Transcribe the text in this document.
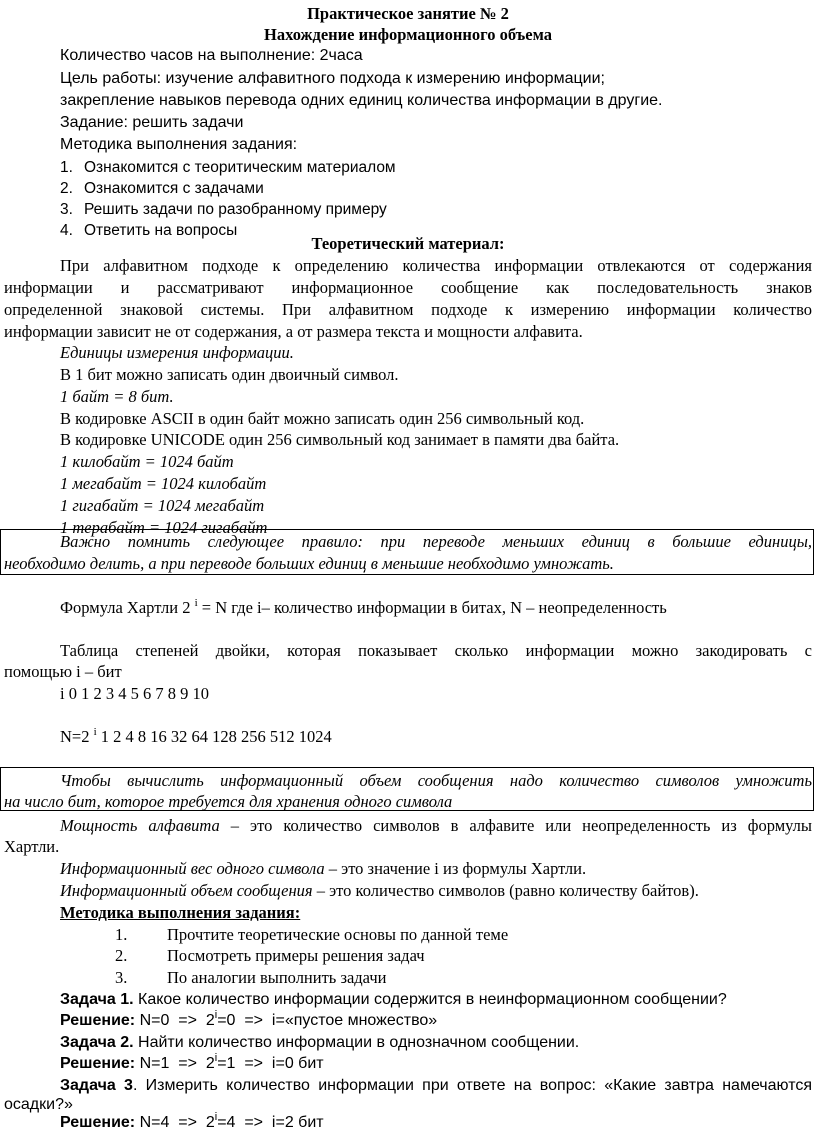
Практическое занятие № 2
Нахождение информационного объема
Количество часов на выполнение: 2часа
Цель работы: изучение алфавитного подхода к измерению информации;
закрепление навыков перевода одних единиц количества информации в другие.
Задание: решить задачи
Методика выполнения задания:
1. Ознакомится с теоритическим материалом
2. Ознакомится с задачами
3. Решить задачи по разобранному примеру
4. Ответить на вопросы
Теоретический материал:
При алфавитном подходе к определению количества информации отвлекаются от содержания
информации и рассматривают информационное сообщение как последовательность знаков
определенной знаковой системы. При алфавитном подходе к измерению информации количество
информации зависит не от содержания, а от размера текста и мощности алфавита.
Единицы измерения информации.
В 1 бит можно записать один двоичный символ.
1 байт = 8 бит.
В кодировке ASCII в один байт можно записать один 256 символьный код.
В кодировке UNICODE один 256 символьный код занимает в памяти два байта.
1 килобайт = 1024 байт
1 мегабайт = 1024 килобайт
1 гигабайт = 1024 мегабайт
1 терабайт = 1024 гигабайт
Важно помнить следующее правило: при переводе меньших единиц в большие единицы,
необходимо делить, а при переводе больших единиц в меньшие необходимо умножать.
Формула Хартли 2 $^i$ = N где i– количество информации в битах, N – неопределенность
Таблица степеней двойки, которая показывает сколько информации можно закодировать с
помощью i – бит
i 0 1 2 3 4 5 6 7 8 9 10
N=2 $^i$ 1 2 4 8 16 32 64 128 256 512 1024
Чтобы вычислить информационный объем сообщения надо количество символов умножить
на число бит, которое требуется для хранения одного символа
Мощность алфавита – это количество символов в алфавите или неопределенность из формулы
Хартли.
Информационный вес одного символа – это значение i из формулы Хартли.
Информационный объем сообщения – это количество символов (равно количеству байтов).
Методика выполнения задания:
1. Прочтите теоретические основы по данной теме
2. Посмотреть примеры решения задач
3. По аналогии выполнить задачи
Задача 1. Какое количество информации содержится в неинформационном сообщении?
Решение: $N=0 => 2^i=0$  =>  i=«пустое множество»
Задача 2. Найти количество информации в однозначном сообщении.
Решение: $N=1 => 2^i=1 => i=0$ бит
Задача 3. Измерить количество информации при ответе на вопрос: «Какие завтра намечаются
осадки?»
Решение: $N=4 => 2^i=4 => i=2$ бит
